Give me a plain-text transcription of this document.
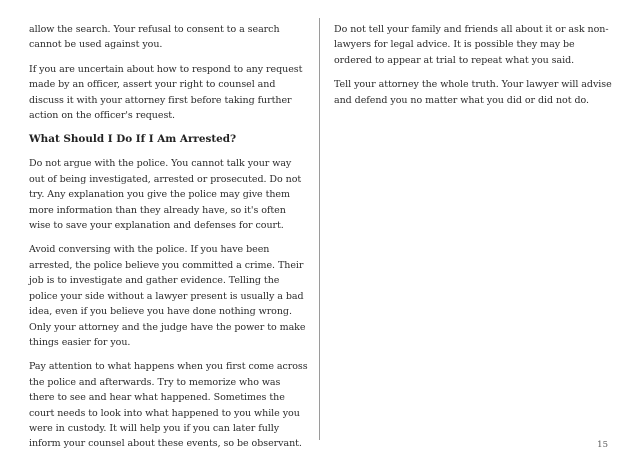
allow the search. Your refusal to consent to a search cannot be used against you.

If you are uncertain about how to respond to any request made by an officer, assert your right to counsel and discuss it with your attorney first before taking further action on the officer's request.

What Should I Do If I Am Arrested?

Do not argue with the police. You cannot talk your way out of being investigated, arrested or prosecuted. Do not try. Any explanation you give the police may give them more information than they already have, so it's often wise to save your explanation and defenses for court.

Avoid conversing with the police. If you have been arrested, the police believe you committed a crime. Their job is to investigate and gather evidence. Telling the police your side without a lawyer present is usually a bad idea, even if you believe you have done nothing wrong. Only your attorney and the judge have the power to make things easier for you.

Pay attention to what happens when you first come across the police and afterwards. Try to memorize who was there to see and hear what happened. Sometimes the court needs to look into what happened to you while you were in custody. It will help you if you can later fully inform your counsel about these events, so be observant.

Do not tell your family and friends all about it or ask non-lawyers for legal advice. It is possible they may be ordered to appear at trial to repeat what you said.

Tell your attorney the whole truth. Your lawyer will advise and defend you no matter what you did or did not do.

15
